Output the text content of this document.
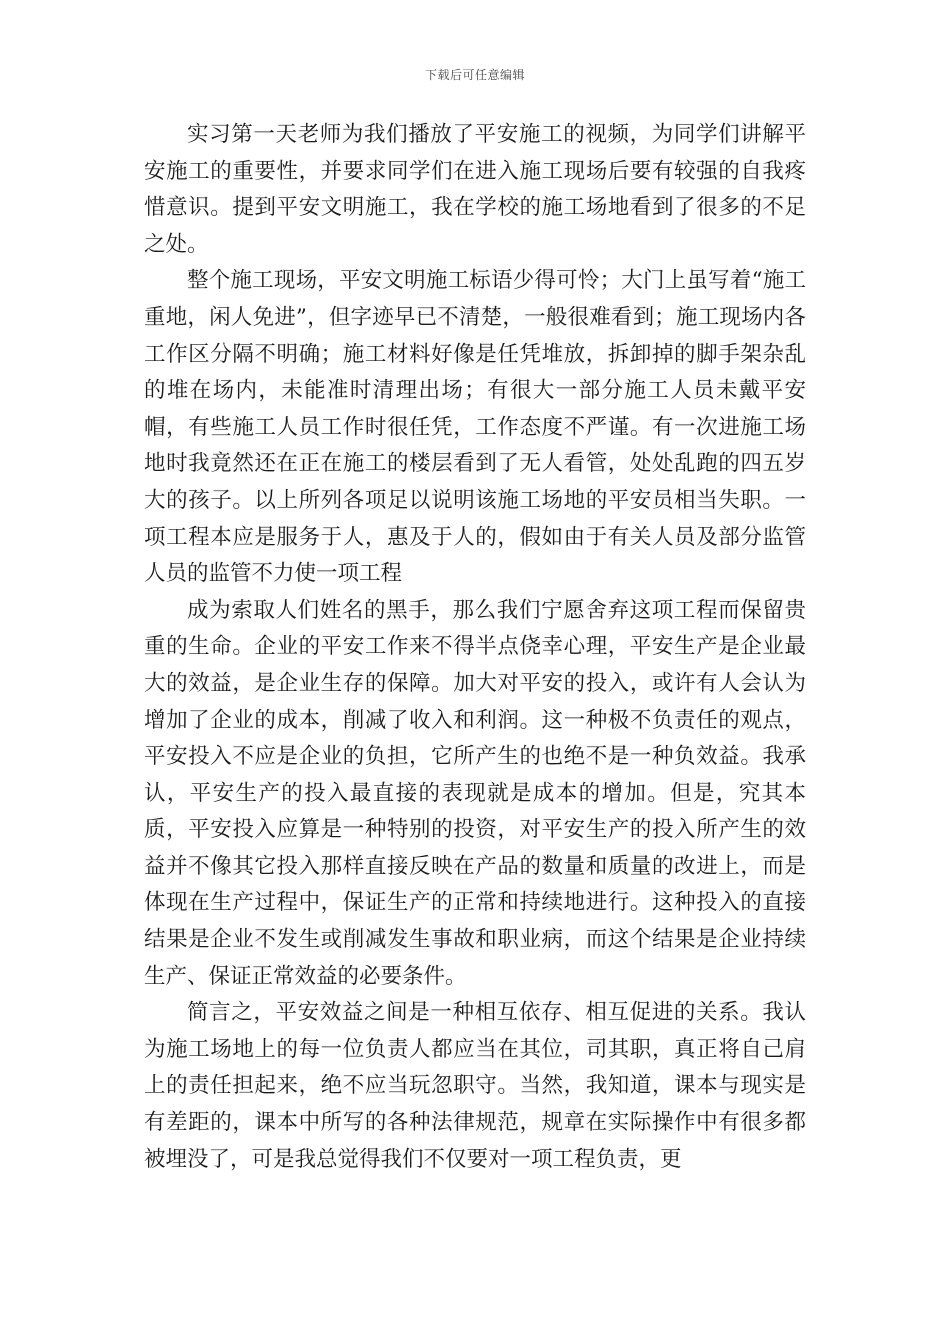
下载后可任意编辑

实习第一天老师为我们播放了平安施工的视频，为同学们讲解平安施工的重要性，并要求同学们在进入施工现场后要有较强的自我疼惜意识。提到平安文明施工，我在学校的施工场地看到了很多的不足之处。

整个施工现场，平安文明施工标语少得可怜；大门上虽写着“施工重地，闲人免进”，但字迹早已不清楚，一般很难看到；施工现场内各工作区分隔不明确；施工材料好像是任凭堆放，拆卸掉的脚手架杂乱的堆在场内，未能准时清理出场；有很大一部分施工人员未戴平安帽，有些施工人员工作时很任凭，工作态度不严谨。有一次进施工场地时我竟然还在正在施工的楼层看到了无人看管，处处乱跑的四五岁大的孩子。以上所列各项足以说明该施工场地的平安员相当失职。一项工程本应是服务于人，惠及于人的，假如由于有关人员及部分监管人员的监管不力使一项工程

成为索取人们姓名的黑手，那么我们宁愿舍弃这项工程而保留贵重的生命。企业的平安工作来不得半点侥幸心理，平安生产是企业最大的效益，是企业生存的保障。加大对平安的投入，或许有人会认为增加了企业的成本，削减了收入和利润。这一种极不负责任的观点，平安投入不应是企业的负担，它所产生的也绝不是一种负效益。我承认，平安生产的投入最直接的表现就是成本的增加。但是，究其本质，平安投入应算是一种特别的投资，对平安生产的投入所产生的效益并不像其它投入那样直接反映在产品的数量和质量的改进上，而是体现在生产过程中，保证生产的正常和持续地进行。这种投入的直接结果是企业不发生或削减发生事故和职业病，而这个结果是企业持续生产、保证正常效益的必要条件。

简言之，平安效益之间是一种相互依存、相互促进的关系。我认为施工场地上的每一位负责人都应当在其位，司其职，真正将自己肩上的责任担起来，绝不应当玩忽职守。当然，我知道，课本与现实是有差距的，课本中所写的各种法律规范，规章在实际操作中有很多都被埋没了，可是我总觉得我们不仅要对一项工程负责，更
